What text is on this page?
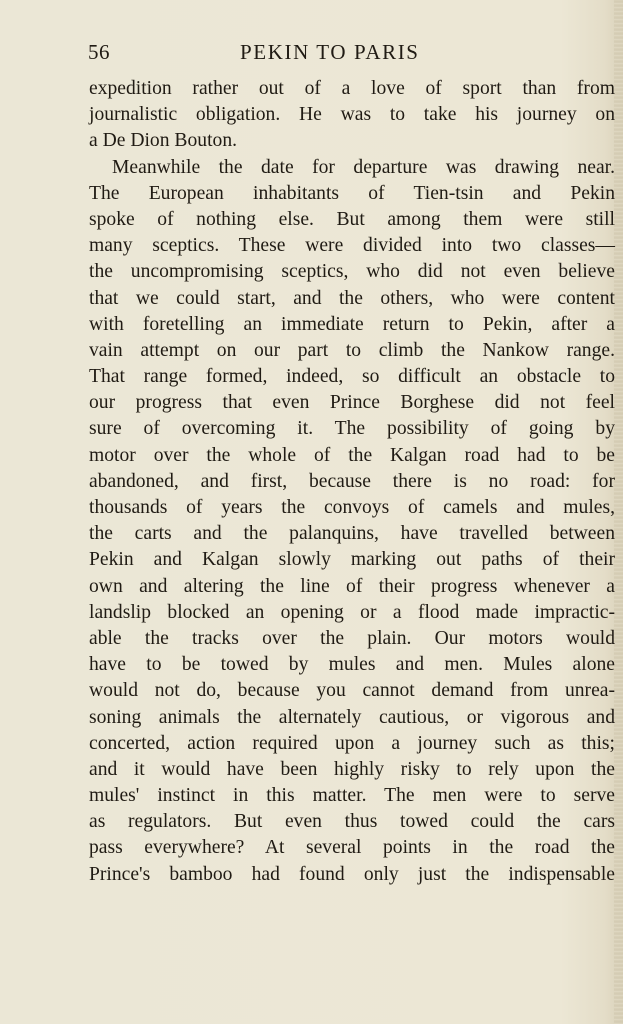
56	PEKIN TO PARIS
expedition rather out of a love of sport than from
journalistic obligation. He was to take his journey on
a De Dion Bouton.
Meanwhile the date for departure was drawing near.
The European inhabitants of Tien-tsin and Pekin
spoke of nothing else. But among them were still
many sceptics. These were divided into two classes—
the uncompromising sceptics, who did not even believe
that we could start, and the others, who were content
with foretelling an immediate return to Pekin, after a
vain attempt on our part to climb the Nankow range.
That range formed, indeed, so difficult an obstacle to
our progress that even Prince Borghese did not feel
sure of overcoming it. The possibility of going by
motor over the whole of the Kalgan road had to be
abandoned, and first, because there is no road: for
thousands of years the convoys of camels and mules,
the carts and the palanquins, have travelled between
Pekin and Kalgan slowly marking out paths of their
own and altering the line of their progress whenever a
landslip blocked an opening or a flood made impractic-
able the tracks over the plain. Our motors would
have to be towed by mules and men. Mules alone
would not do, because you cannot demand from unrea-
soning animals the alternately cautious, or vigorous and
concerted, action required upon a journey such as this;
and it would have been highly risky to rely upon the
mules' instinct in this matter. The men were to serve
as regulators. But even thus towed could the cars
pass everywhere? At several points in the road the
Prince's bamboo had found only just the indispensable
